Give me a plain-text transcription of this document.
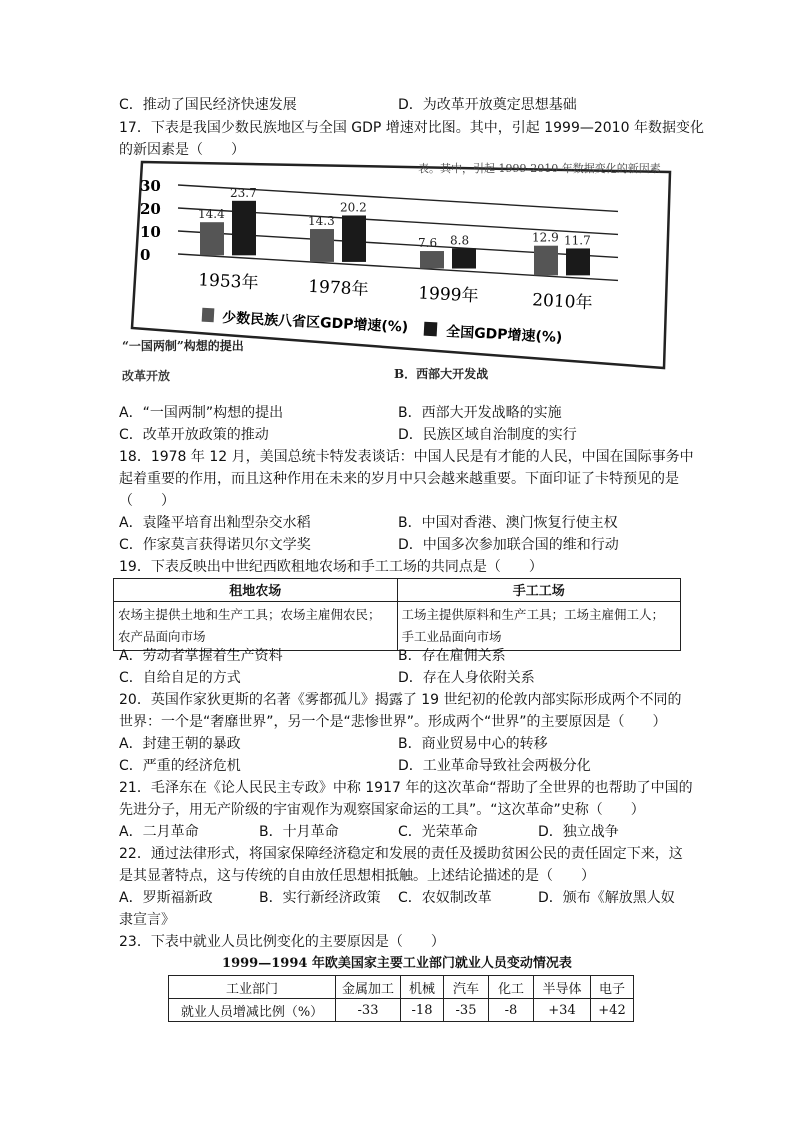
C．推动了国民经济快速发展	D．为改革开放奠定思想基础
17．下表是我国少数民族地区与全国 GDP 增速对比图。其中，引起 1999—2010 年数据变化
的新因素是（　　）
表。其中，引起 1999-2010 年数据变化的新因素
30
20
10
0
14.4
23.7
1953年
14.3
20.2
1978年
7.6 8.8
1999年
12.9 11.7
2010年
少数民族八省区GDP增速(%)	全国GDP增速(%)
“一国两制”构想的提出
改革开放	B．西部大开发战
A．“一国两制”构想的提出	B．西部大开发战略的实施
C．改革开放政策的推动	D．民族区域自治制度的实行
18．1978 年 12 月，美国总统卡特发表谈话：中国人民是有才能的人民，中国在国际事务中
起着重要的作用，而且这种作用在未来的岁月中只会越来越重要。下面印证了卡特预见的是
（　　）
A．袁隆平培育出籼型杂交水稻	B．中国对香港、澳门恢复行使主权
C．作家莫言获得诺贝尔文学奖	D．中国多次参加联合国的维和行动
19．下表反映出中世纪西欧租地农场和手工工场的共同点是（　　）
租地农场	手工工场
农场主提供土地和生产工具；农场主雇佣农民；农产品面向市场	工场主提供原料和生产工具；工场主雇佣工人；手工业品面向市场
A．劳动者掌握着生产资料	B．存在雇佣关系
C．自给自足的方式	D．存在人身依附关系
20．英国作家狄更斯的名著《雾都孤儿》揭露了 19 世纪初的伦敦内部实际形成两个不同的
世界：一个是“奢靡世界”，另一个是“悲惨世界”。形成两个“世界”的主要原因是（　　）
A．封建王朝的暴政	B．商业贸易中心的转移
C．严重的经济危机	D．工业革命导致社会两极分化
21．毛泽东在《论人民民主专政》中称 1917 年的这次革命“帮助了全世界的也帮助了中国的
先进分子，用无产阶级的宇宙观作为观察国家命运的工具”。“这次革命”史称（　　）
A．二月革命	B．十月革命	C．光荣革命	D．独立战争
22．通过法律形式，将国家保障经济稳定和发展的责任及援助贫困公民的责任固定下来，这
是其显著特点，这与传统的自由放任思想相抵触。上述结论描述的是（　　）
A．罗斯福新政	B．实行新经济政策 C．农奴制改革	D．颁布《解放黑人奴
隶宣言》
23．下表中就业人员比例变化的主要原因是（　　）
1999—1994 年欧美国家主要工业部门就业人员变动情况表
工业部门	金属加工	机械	汽车	化工	半导体	电子
就业人员增减比例（%）	-33	-18	-35	-8	+34	+42
